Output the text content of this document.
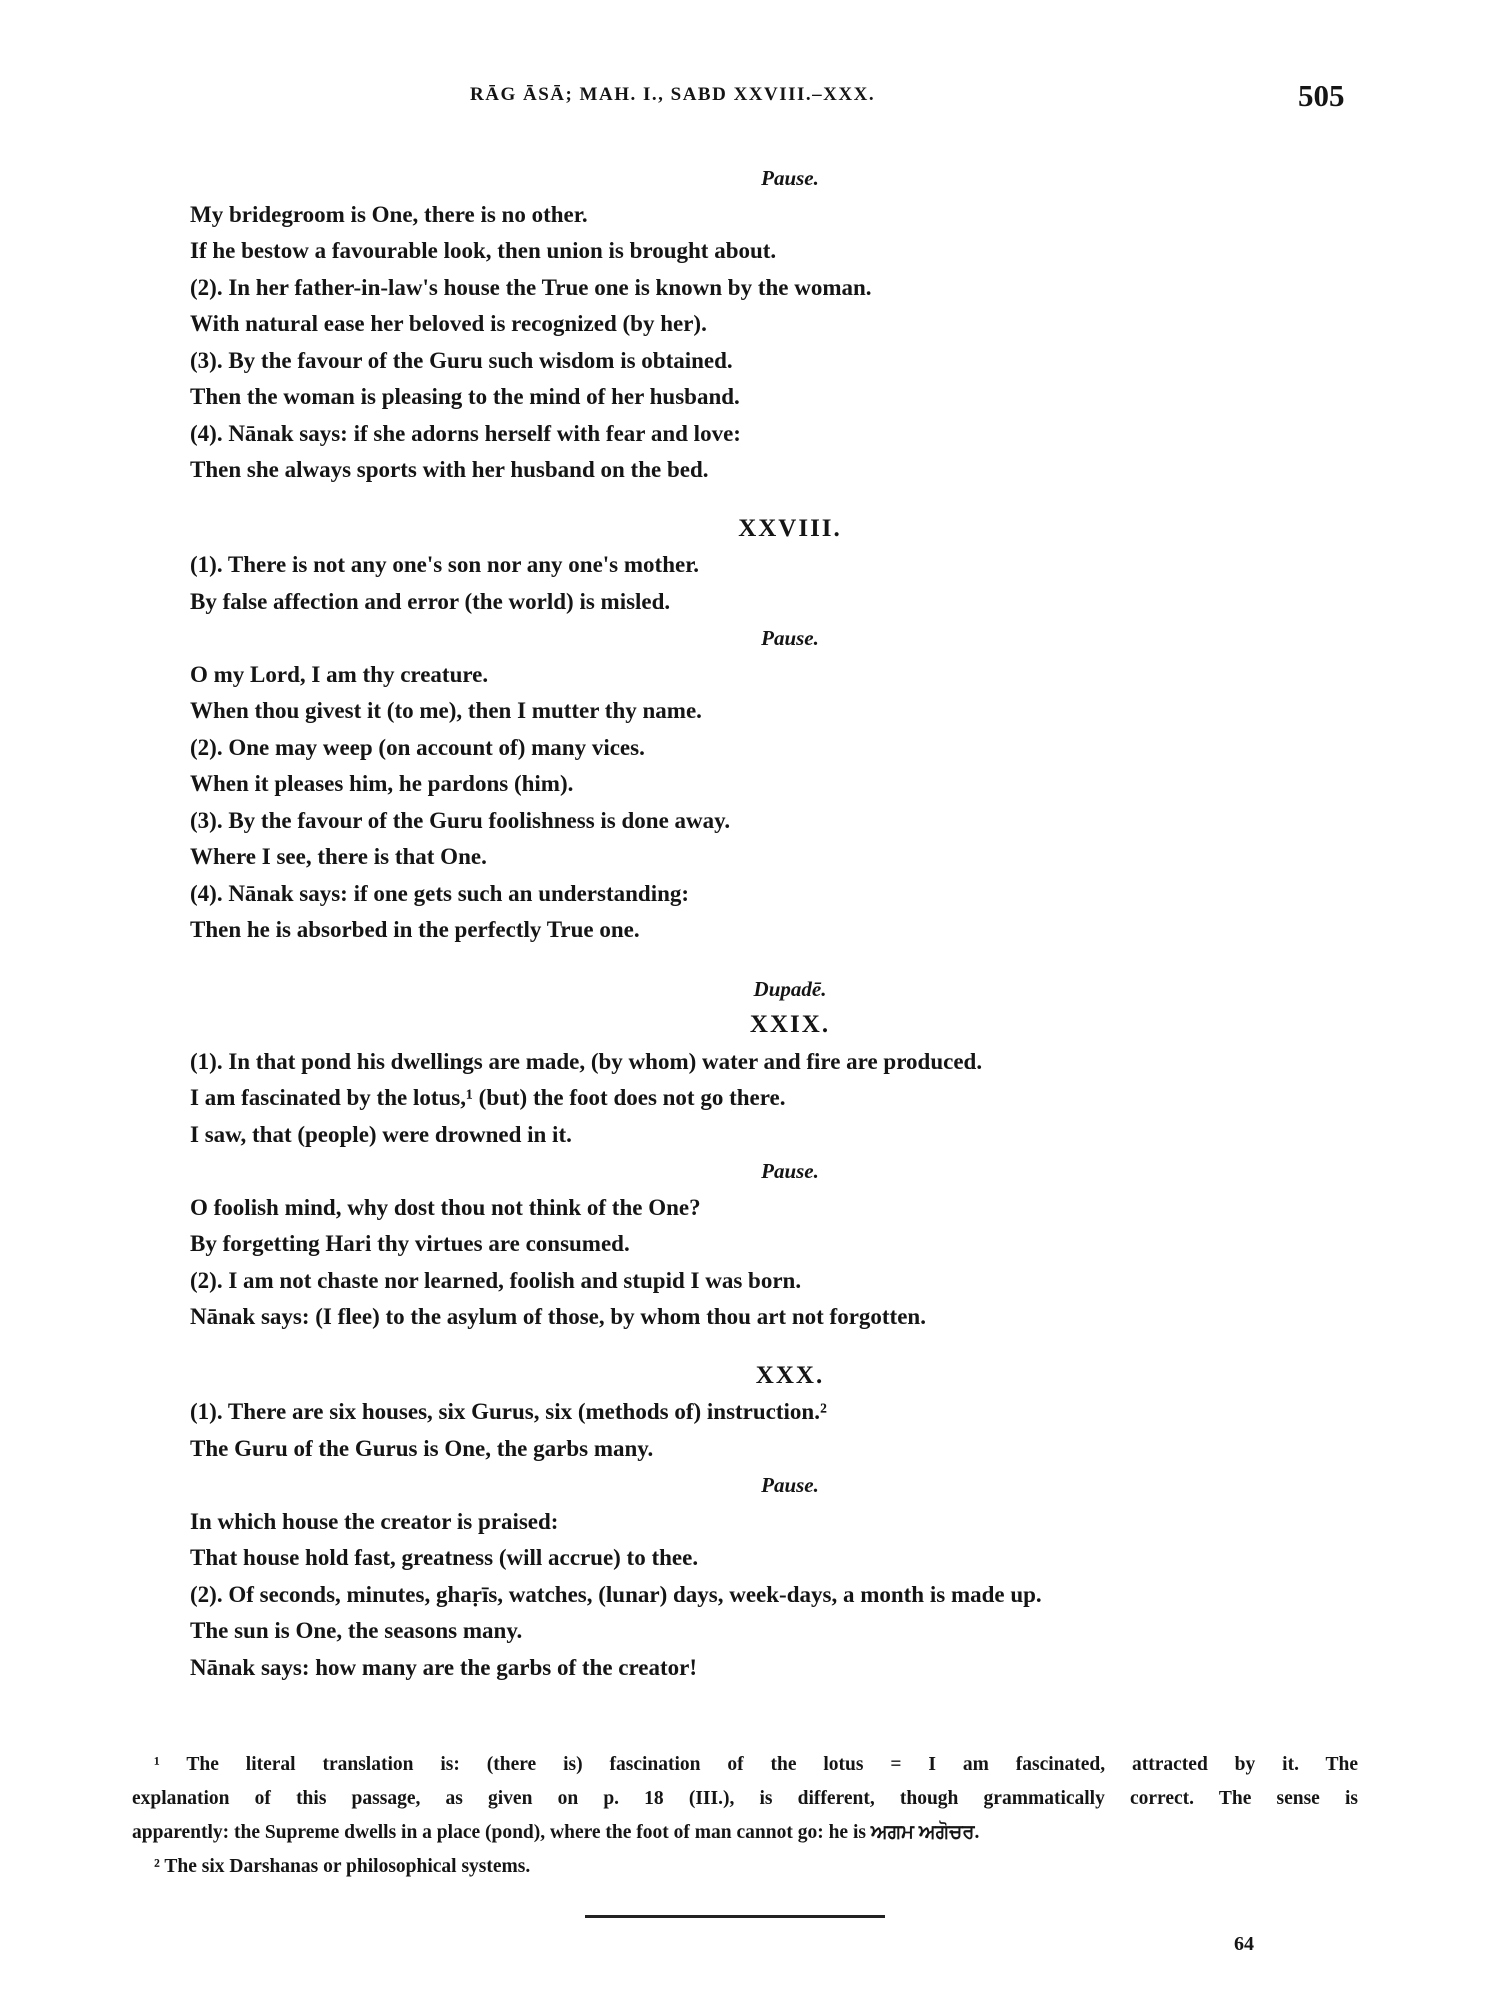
RĀG ĀSĀ; MAH. I., SABD XXVIII.–XXX.	505
Pause.
My bridegroom is One, there is no other.
If he bestow a favourable look, then union is brought about.
(2). In her father-in-law's house the True one is known by the woman.
With natural ease her beloved is recognized (by her).
(3). By the favour of the Guru such wisdom is obtained.
Then the woman is pleasing to the mind of her husband.
(4). Nānak says: if she adorns herself with fear and love:
Then she always sports with her husband on the bed.
XXVIII.
(1). There is not any one's son nor any one's mother.
By false affection and error (the world) is misled.
Pause.
O my Lord, I am thy creature.
When thou givest it (to me), then I mutter thy name.
(2). One may weep (on account of) many vices.
When it pleases him, he pardons (him).
(3). By the favour of the Guru foolishness is done away.
Where I see, there is that One.
(4). Nānak says: if one gets such an understanding:
Then he is absorbed in the perfectly True one.
Dupadē.
XXIX.
(1). In that pond his dwellings are made, (by whom) water and fire are produced.
I am fascinated by the lotus,¹ (but) the foot does not go there.
I saw, that (people) were drowned in it.
Pause.
O foolish mind, why dost thou not think of the One?
By forgetting Hari thy virtues are consumed.
(2). I am not chaste nor learned, foolish and stupid I was born.
Nānak says: (I flee) to the asylum of those, by whom thou art not forgotten.
XXX.
(1). There are six houses, six Gurus, six (methods of) instruction.²
The Guru of the Gurus is One, the garbs many.
Pause.
In which house the creator is praised:
That house hold fast, greatness (will accrue) to thee.
(2). Of seconds, minutes, ghaṛīs, watches, (lunar) days, week-days, a month is made up.
The sun is One, the seasons many.
Nānak says: how many are the garbs of the creator!
¹ The literal translation is: (there is) fascination of the lotus = I am fascinated, attracted by it. The
explanation of this passage, as given on p. 18 (III.), is different, though grammatically correct. The sense is
apparently: the Supreme dwells in a place (pond), where the foot of man cannot go: he is ਅਗਮ ਅਗੋਚਰ.
² The six Darshanas or philosophical systems.
64
